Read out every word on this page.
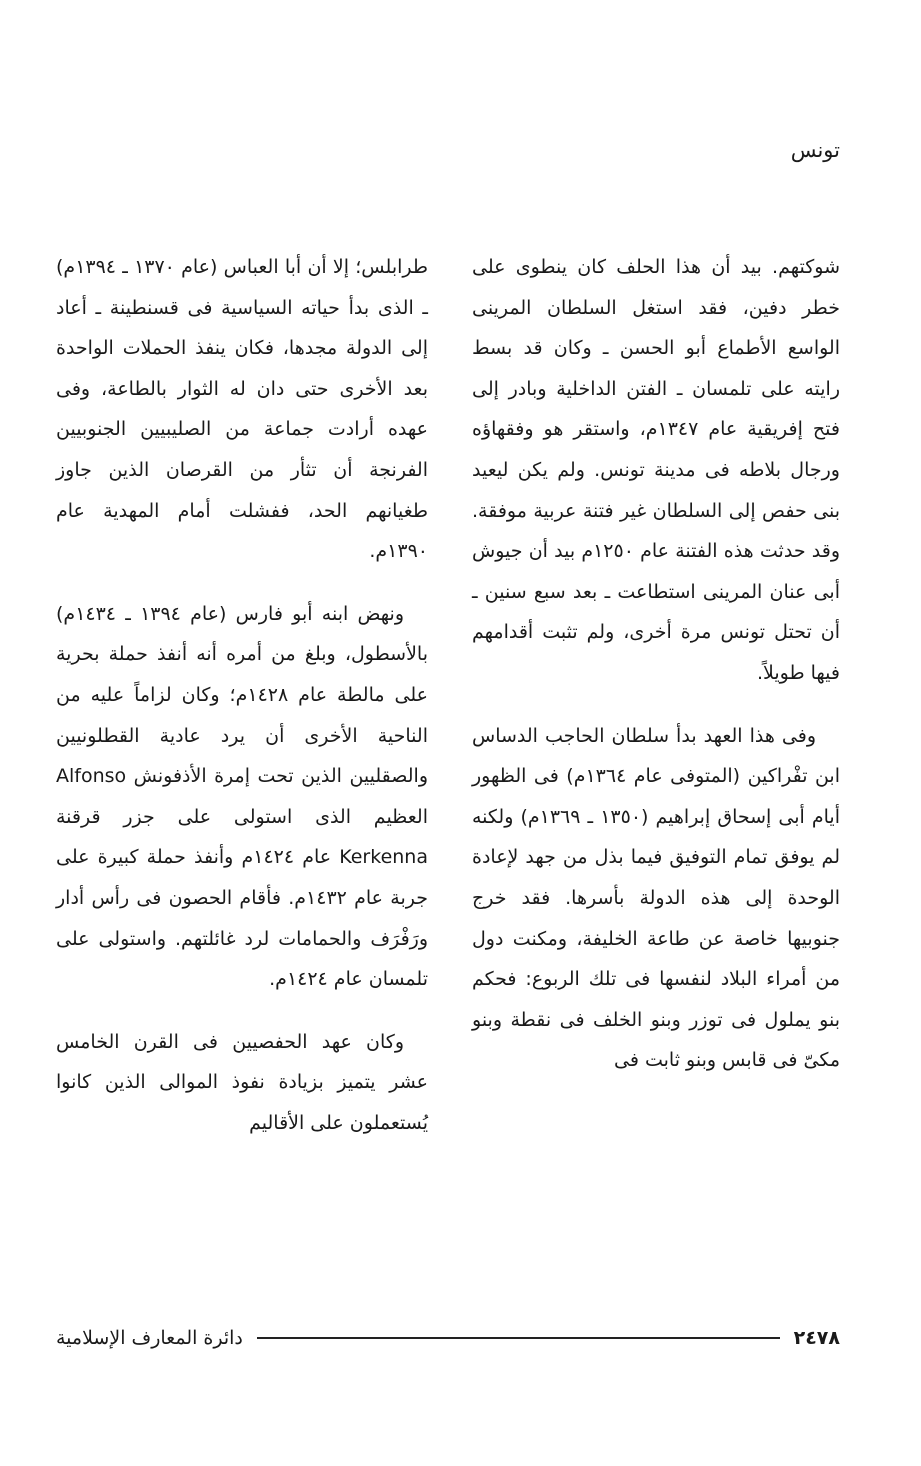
تونس

شوكتهم. بيد أن هذا الحلف كان ينطوى على خطر دفين، فقد استغل السلطان المرينى الواسع الأطماع أبو الحسن ـ وكان قد بسط رايته على تلمسان ـ الفتن الداخلية وبادر إلى فتح إفريقية عام ١٣٤٧م، واستقر هو وفقهاؤه ورجال بلاطه فى مدينة تونس. ولم يكن ليعيد بنى حفص إلى السلطان غير فتنة عربية موفقة. وقد حدثت هذه الفتنة عام ١٢٥٠م بيد أن جيوش أبى عنان المرينى استطاعت ـ بعد سبع سنين ـ أن تحتل تونس مرة أخرى، ولم تثبت أقدامهم فيها طويلاً.

وفى هذا العهد بدأ سلطان الحاجب الدساس ابن تفْراكين (المتوفى عام ١٣٦٤م) فى الظهور أيام أبى إسحاق إبراهيم (١٣٥٠ ـ ١٣٦٩م) ولكنه لم يوفق تمام التوفيق فيما بذل من جهد لإعادة الوحدة إلى هذه الدولة بأسرها. فقد خرج جنوبيها خاصة عن طاعة الخليفة، ومكنت دول من أمراء البلاد لنفسها فى تلك الربوع: فحكم بنو يملول فى توزر وبنو الخلف فى نقطة وبنو مكىّ فى قابس وبنو ثابت فى

طرابلس؛ إلا أن أبا العباس (عام ١٣٧٠ ـ ١٣٩٤م) ـ الذى بدأ حياته السياسية فى قسنطينة ـ أعاد إلى الدولة مجدها، فكان ينفذ الحملات الواحدة بعد الأخرى حتى دان له الثوار بالطاعة، وفى عهده أرادت جماعة من الصليبيين الجنوبيين الفرنجة أن تثأر من القرصان الذين جاوز طغيانهم الحد، ففشلت أمام المهدية عام ١٣٩٠م.

ونهض ابنه أبو فارس (عام ١٣٩٤ ـ ١٤٣٤م) بالأسطول، وبلغ من أمره أنه أنفذ حملة بحرية على مالطة عام ١٤٢٨م؛ وكان لزاماً عليه من الناحية الأخرى أن يرد عادية القطلونيين والصقليين الذين تحت إمرة الأذفونش Alfonso العظيم الذى استولى على جزر قرقنة Kerkenna عام ١٤٢٤م وأنفذ حملة كبيرة على جربة عام ١٤٣٢م. فأقام الحصون فى رأس أدار ورَفْرَف والحمامات لرد غائلتهم. واستولى على تلمسان عام ١٤٢٤م.

وكان عهد الحفصيين فى القرن الخامس عشر يتميز بزيادة نفوذ الموالى الذين كانوا يُستعملون على الأقاليم

٢٤٧٨
دائرة المعارف الإسلامية
